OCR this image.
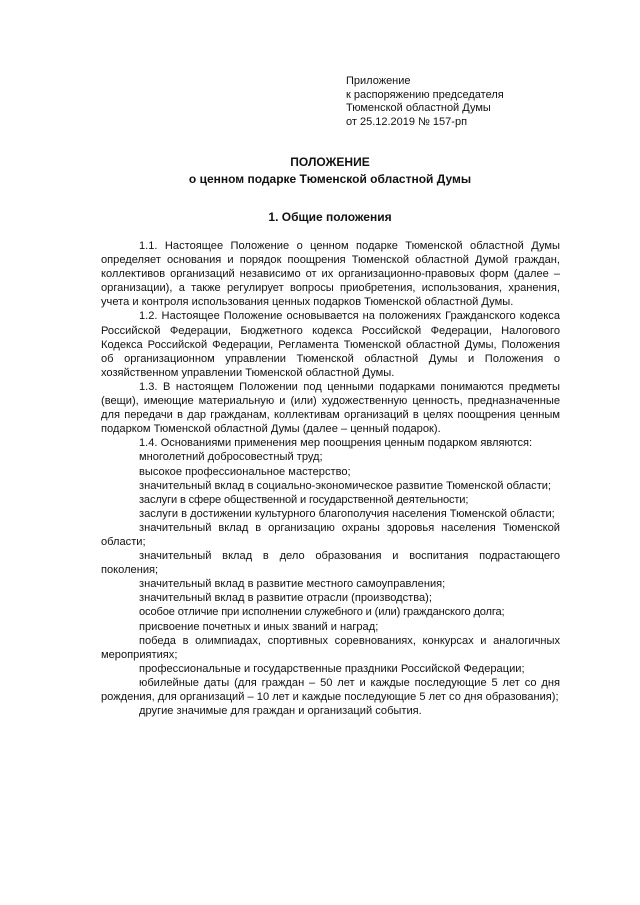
Приложение
к распоряжению председателя
Тюменской областной Думы
от 25.12.2019 № 157-рп
ПОЛОЖЕНИЕ
о ценном подарке Тюменской областной Думы
1. Общие положения

1.1. Настоящее Положение о ценном подарке Тюменской областной Думы определяет основания и порядок поощрения Тюменской областной Думой граждан, коллективов организаций независимо от их организационно-правовых форм (далее – организации), а также регулирует вопросы приобретения, использования, хранения, учета и контроля использования ценных подарков Тюменской областной Думы.

1.2. Настоящее Положение основывается на положениях Гражданского кодекса Российской Федерации, Бюджетного кодекса Российской Федерации, Налогового Кодекса Российской Федерации, Регламента Тюменской областной Думы, Положения об организационном управлении Тюменской областной Думы и Положения о хозяйственном управлении Тюменской областной Думы.

1.3. В настоящем Положении под ценными подарками понимаются предметы (вещи), имеющие материальную и (или) художественную ценность, предназначенные для передачи в дар гражданам, коллективам организаций в целях поощрения ценным подарком Тюменской областной Думы (далее – ценный подарок).

1.4. Основаниями применения мер поощрения ценным подарком являются:

многолетний добросовестный труд;

высокое профессиональное мастерство;

значительный вклад в социально-экономическое развитие Тюменской области;

заслуги в сфере общественной и государственной деятельности;

заслуги в достижении культурного благополучия населения Тюменской области;

значительный вклад в организацию охраны здоровья населения Тюменской области;

значительный вклад в дело образования и воспитания подрастающего поколения;

значительный вклад в развитие местного самоуправления;

значительный вклад в развитие отрасли (производства);

особое отличие при исполнении служебного и (или) гражданского долга;

присвоение почетных и иных званий и наград;

победа в олимпиадах, спортивных соревнованиях, конкурсах и аналогичных мероприятиях;

профессиональные и государственные праздники Российской Федерации;

юбилейные даты (для граждан – 50 лет и каждые последующие 5 лет со дня рождения, для организаций – 10 лет и каждые последующие 5 лет со дня образования);

другие значимые для граждан и организаций события.
